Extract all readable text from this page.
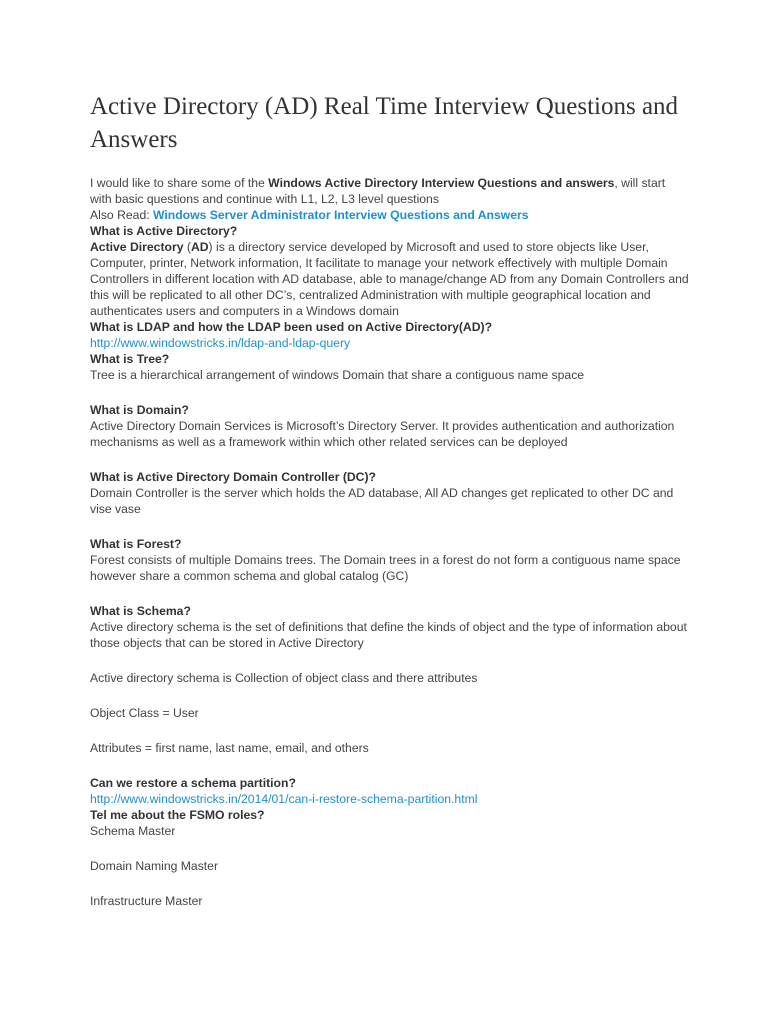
Active Directory (AD) Real Time Interview Questions and Answers

I would like to share some of the Windows Active Directory Interview Questions and answers, will start with basic questions and continue with L1, L2, L3 level questions

Also Read: Windows Server Administrator Interview Questions and Answers

What is Active Directory?

Active Directory (AD) is a directory service developed by Microsoft and used to store objects like User, Computer, printer, Network information, It facilitate to manage your network effectively with multiple Domain Controllers in different location with AD database, able to manage/change AD from any Domain Controllers and this will be replicated to all other DC’s, centralized Administration with multiple geographical location and authenticates users and computers in a Windows domain

What is LDAP and how the LDAP been used on Active Directory(AD)?

http://www.windowstricks.in/ldap-and-ldap-query

What is Tree?

Tree is a hierarchical arrangement of windows Domain that share a contiguous name space

What is Domain?

Active Directory Domain Services is Microsoft’s Directory Server. It provides authentication and authorization mechanisms as well as a framework within which other related services can be deployed

What is Active Directory Domain Controller (DC)?

Domain Controller is the server which holds the AD database, All AD changes get replicated to other DC and vise vase

What is Forest?

Forest consists of multiple Domains trees. The Domain trees in a forest do not form a contiguous name space however share a common schema and global catalog (GC)

What is Schema?

Active directory schema is the set of definitions that define the kinds of object and the type of information about those objects that can be stored in Active Directory

Active directory schema is Collection of object class and there attributes

Object Class = User

Attributes = first name, last name, email, and others

Can we restore a schema partition?

http://www.windowstricks.in/2014/01/can-i-restore-schema-partition.html

Tel me about the FSMO roles?

Schema Master

Domain Naming Master

Infrastructure Master
